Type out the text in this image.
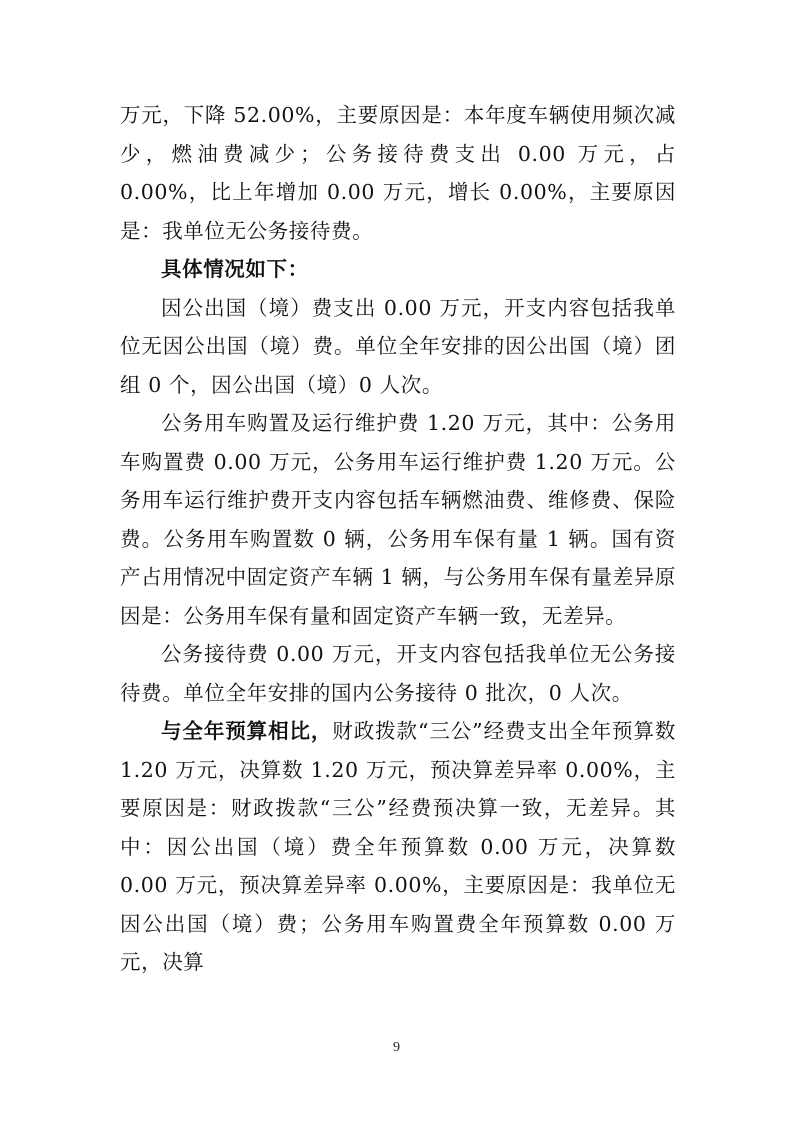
万元，下降 52.00%，主要原因是：本年度车辆使用频次减少，燃油费减少；公务接待费支出 0.00 万元，占 0.00%，比上年增加 0.00 万元，增长 0.00%，主要原因是：我单位无公务接待费。

具体情况如下：

因公出国（境）费支出 0.00 万元，开支内容包括我单位无因公出国（境）费。单位全年安排的因公出国（境）团组 0 个，因公出国（境）0 人次。

公务用车购置及运行维护费 1.20 万元，其中：公务用车购置费 0.00 万元，公务用车运行维护费 1.20 万元。公务用车运行维护费开支内容包括车辆燃油费、维修费、保险费。公务用车购置数 0 辆，公务用车保有量 1 辆。国有资产占用情况中固定资产车辆 1 辆，与公务用车保有量差异原因是：公务用车保有量和固定资产车辆一致，无差异。

公务接待费 0.00 万元，开支内容包括我单位无公务接待费。单位全年安排的国内公务接待 0 批次，0 人次。

与全年预算相比，财政拨款“三公”经费支出全年预算数 1.20 万元，决算数 1.20 万元，预决算差异率 0.00%，主要原因是：财政拨款“三公”经费预决算一致，无差异。其中：因公出国（境）费全年预算数 0.00 万元，决算数 0.00 万元，预决算差异率 0.00%，主要原因是：我单位无因公出国（境）费；公务用车购置费全年预算数 0.00 万元，决算

9
